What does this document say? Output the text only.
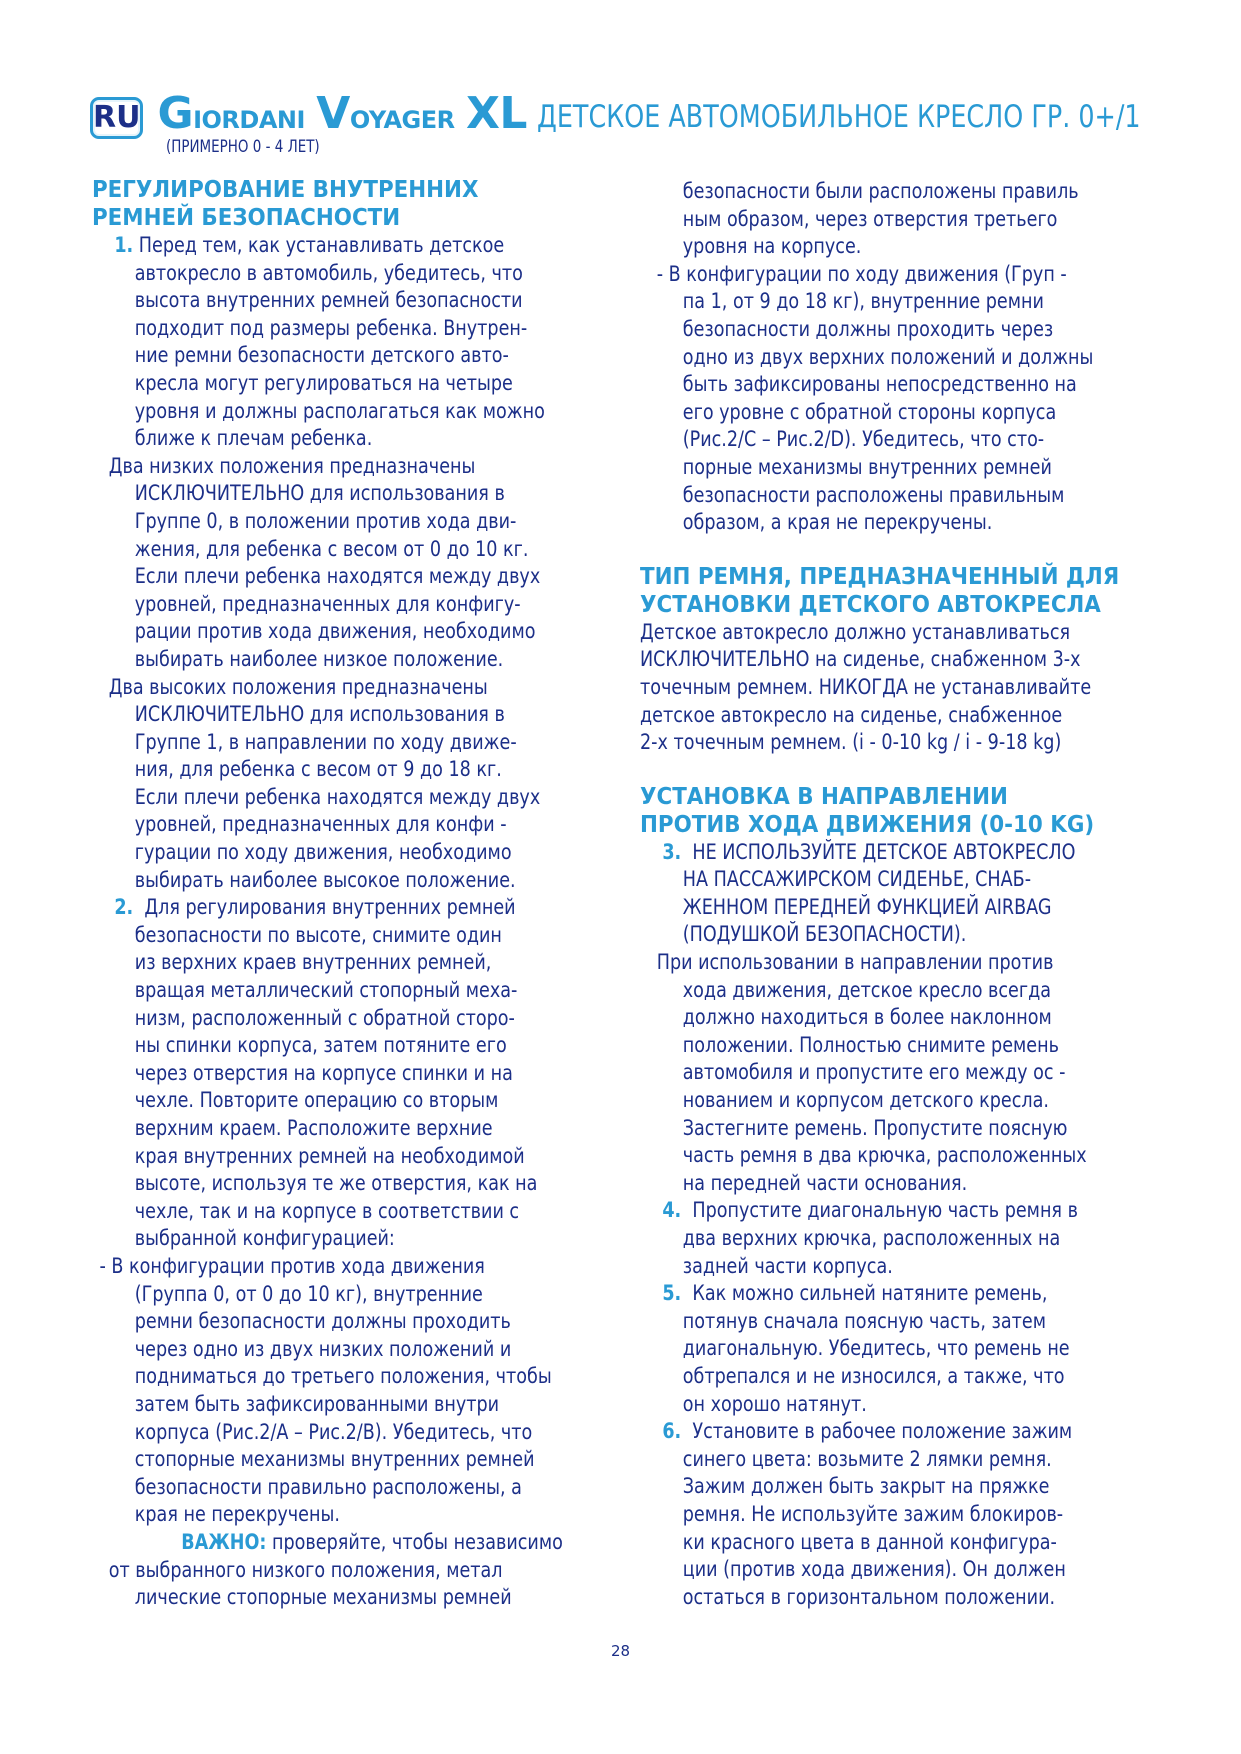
RU Giordani Voyager XL ДЕТСКОЕ АВТОМОБИЛЬНОЕ КРЕСЛО ГР. 0+/1
(ПРИМЕРНО 0 - 4 ЛЕТ)
РЕГУЛИРОВАНИЕ ВНУТРЕННИХ
РЕМНЕЙ БЕЗОПАСНОСТИ
1. Перед тем, как устанавливать детское
автокресло в автомобиль, убедитесь, что
высота внутренних ремней безопасности
подходит под размеры ребенка. Внутрен-
ние ремни безопасности детского авто-
кресла могут регулироваться на четыре
уровня и должны располагаться как можно
ближе к плечам ребенка.
Два низких положения предназначены
ИСКЛЮЧИТЕЛЬНО для использования в
Группе 0, в положении против хода дви-
жения, для ребенка с весом от 0 до 10 кг.
Если плечи ребенка находятся между двух
уровней, предназначенных для конфигу-
рации против хода движения, необходимо
выбирать наиболее низкое положение.
Два высоких положения предназначены
ИСКЛЮЧИТЕЛЬНО для использования в
Группе 1, в направлении по ходу движе-
ния, для ребенка с весом от 9 до 18 кг.
Если плечи ребенка находятся между двух
уровней, предназначенных для конфи -
гурации по ходу движения, необходимо
выбирать наиболее высокое положение.
2. Для регулирования внутренних ремней
безопасности по высоте, снимите один
из верхних краев внутренних ремней,
вращая металлический стопорный меха-
низм, расположенный с обратной сторо-
ны спинки корпуса, затем потяните его
через отверстия на корпусе спинки и на
чехле. Повторите операцию со вторым
верхним краем. Расположите верхние
края внутренних ремней на необходимой
высоте, используя те же отверстия, как на
чехле, так и на корпусе в соответствии с
выбранной конфигурацией:
- В конфигурации против хода движения
(Группа 0, от 0 до 10 кг), внутренние
ремни безопасности должны проходить
через одно из двух низких положений и
подниматься до третьего положения, чтобы
затем быть зафиксированными внутри
корпуса (Рис.2/A – Рис.2/B). Убедитесь, что
стопорные механизмы внутренних ремней
безопасности правильно расположены, а
края не перекручены.
ВАЖНО: проверяйте, чтобы независимо
от выбранного низкого положения, метал
лические стопорные механизмы ремней
безопасности были расположены правиль
ным образом, через отверстия третьего
уровня на корпусе.
- В конфигурации по ходу движения (Груп -
па 1, от 9 до 18 кг), внутренние ремни
безопасности должны проходить через
одно из двух верхних положений и должны
быть зафиксированы непосредственно на
его уровне с обратной стороны корпуса
(Рис.2/C – Рис.2/D). Убедитесь, что сто-
порные механизмы внутренних ремней
безопасности расположены правильным
образом, а края не перекручены.
ТИП РЕМНЯ, ПРЕДНАЗНАЧЕННЫЙ ДЛЯ
УСТАНОВКИ ДЕТСКОГО АВТОКРЕСЛА
Детское автокресло должно устанавливаться
ИСКЛЮЧИТЕЛЬНО на сиденье, снабженном 3-х
точечным ремнем. НИКОГДА не устанавливайте
детское автокресло на сиденье, снабженное
2-х точечным ремнем. (i - 0-10 kg / i - 9-18 kg)
УСТАНОВКА В НАПРАВЛЕНИИ
ПРОТИВ ХОДА ДВИЖЕНИЯ (0-10 KG)
3. НЕ ИСПОЛЬЗУЙТЕ ДЕТСКОЕ АВТОКРЕСЛО
НА ПАССАЖИРСКОМ СИДЕНЬЕ, СНАБ-
ЖЕННОМ ПЕРЕДНЕЙ ФУНКЦИЕЙ AIRBAG
(ПОДУШКОЙ БЕЗОПАСНОСТИ).
При использовании в направлении против
хода движения, детское кресло всегда
должно находиться в более наклонном
положении. Полностью снимите ремень
автомобиля и пропустите его между ос -
нованием и корпусом детского кресла.
Застегните ремень. Пропустите поясную
часть ремня в два крючка, расположенных
на передней части основания.
4. Пропустите диагональную часть ремня в
два верхних крючка, расположенных на
задней части корпуса.
5. Как можно сильней натяните ремень,
потянув сначала поясную часть, затем
диагональную. Убедитесь, что ремень не
обтрепался и не износился, а также, что
он хорошо натянут.
6. Установите в рабочее положение зажим
синего цвета: возьмите 2 лямки ремня.
Зажим должен быть закрыт на пряжке
ремня. Не используйте зажим блокиров-
ки красного цвета в данной конфигура-
ции (против хода движения). Он должен
остаться в горизонтальном положении.
28
